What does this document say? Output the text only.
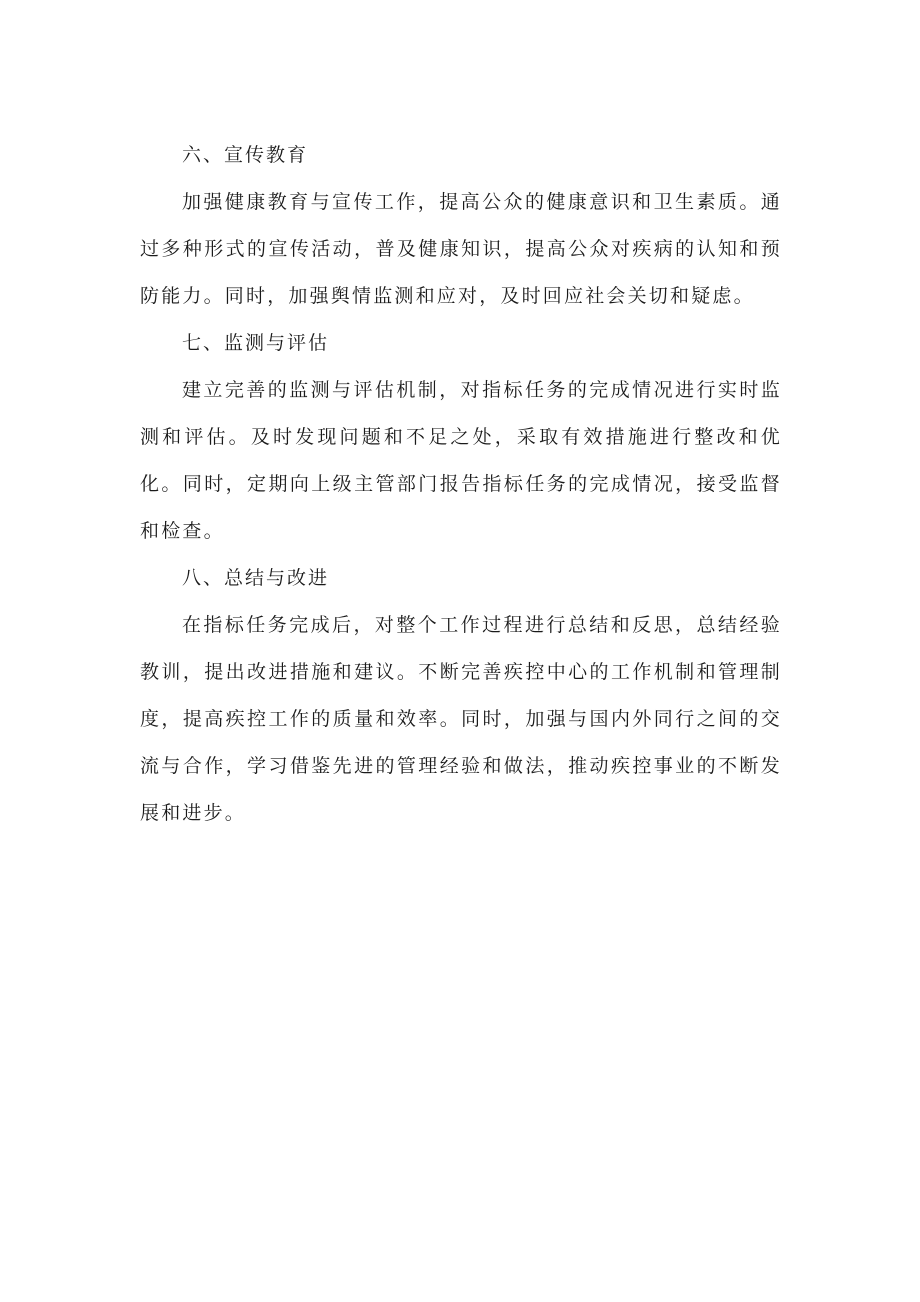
六、宣传教育

加强健康教育与宣传工作，提高公众的健康意识和卫生素质。通过多种形式的宣传活动，普及健康知识，提高公众对疾病的认知和预防能力。同时，加强舆情监测和应对，及时回应社会关切和疑虑。

七、监测与评估

建立完善的监测与评估机制，对指标任务的完成情况进行实时监测和评估。及时发现问题和不足之处，采取有效措施进行整改和优化。同时，定期向上级主管部门报告指标任务的完成情况，接受监督和检查。

八、总结与改进

在指标任务完成后，对整个工作过程进行总结和反思，总结经验教训，提出改进措施和建议。不断完善疾控中心的工作机制和管理制度，提高疾控工作的质量和效率。同时，加强与国内外同行之间的交流与合作，学习借鉴先进的管理经验和做法，推动疾控事业的不断发展和进步。
